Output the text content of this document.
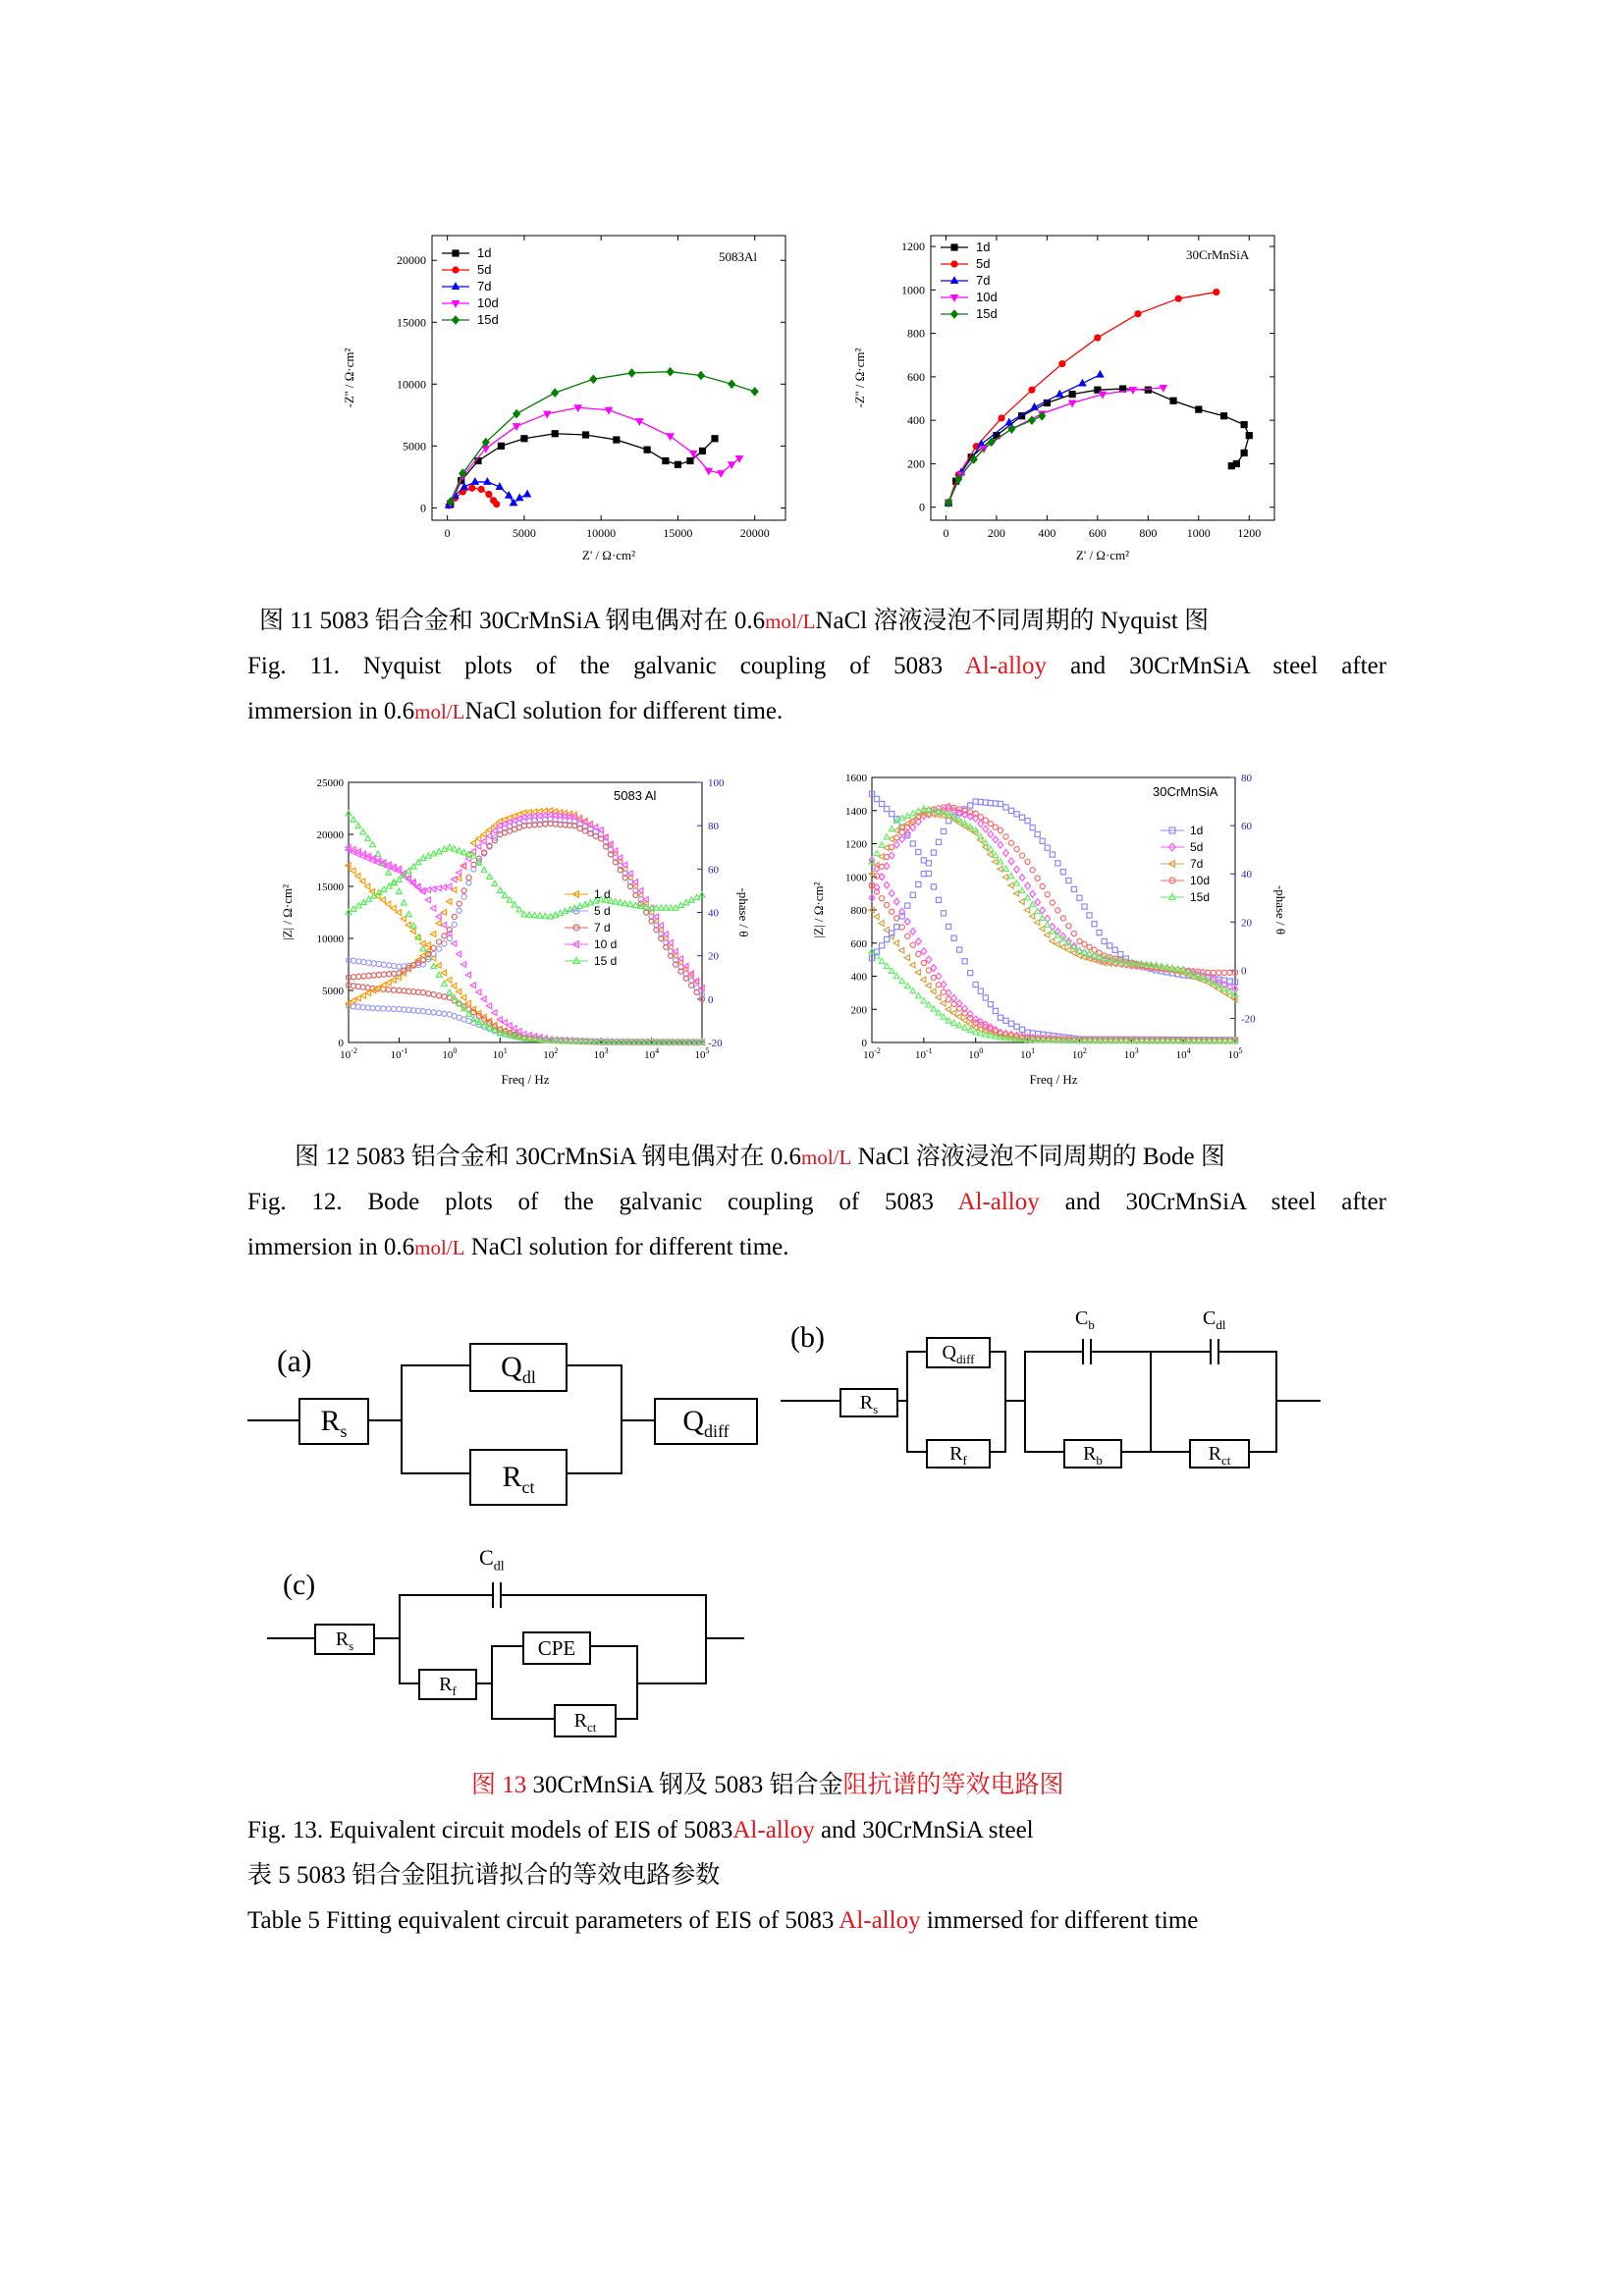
0	5000	10000	15000	20000
0
5000
10000
15000
20000
Z' / Ω·cm²
-Z'' / Ω·cm²
5083Al
1d
5d
7d
10d
15d
0	200	400	600	800	1000 1200
0
200
400
600
800
1000
1200
Z' / Ω·cm²
-Z'' / Ω·cm²
30CrMnSiA
1d
5d
7d
10d
15d
图 11 5083 铝合金和 30CrMnSiA 钢电偶对在 0.6mol/LNaCl 溶液浸泡不同周期的 Nyquist 图
Fig. 11. Nyquist plots of the galvanic coupling of 5083 Al-alloy and 30CrMnSiA steel after
immersion in 0.6mol/LNaCl solution for different time.
$10^{-2}$	$10^{-1}$	$10^0$	$10^1$	$10^2$	$10^3$	$10^4$	$10^5$
0
5000
10000
15000
20000
25000
-20
0
20
40
60
80
100
Freq / Hz
|Z| / Ω·cm²	-phase / θ
5083 Al
1 d
5 d
7 d
10 d
15 d
$10^{-2}$	$10^{-1}$	$10^0$	$10^1$	$10^2$	$10^3$	$10^4$	$10^5$
0
200
400
600
800
1000
1200
1400
1600
-20
0
20
40
60
80
Freq / Hz
|Z| / Ω·cm²	-phase / θ
30CrMnSiA
1d
5d
7d
10d
15d
图 12 5083 铝合金和 30CrMnSiA 钢电偶对在 0.6mol/L NaCl 溶液浸泡不同周期的 Bode 图
Fig. 12. Bode plots of the galvanic coupling of 5083 Al-alloy and 30CrMnSiA steel after
immersion in 0.6mol/L NaCl solution for different time.
(a)
$R_s$
$Q_{dl}$
$R_{ct}$
$Q_{diff}$
(b)
$R_s$
$Q_{diff}$
$R_f$
$C_b$
$R_b$
$C_{dl}$
$R_{ct}$
(c)
$C_{dl}$
$R_s$
$R_f$
CPE
$R_{ct}$
图 13 30CrMnSiA 钢及 5083 铝合金阻抗谱的等效电路图
Fig. 13. Equivalent circuit models of EIS of 5083Al-alloy and 30CrMnSiA steel
表 5 5083 铝合金阻抗谱拟合的等效电路参数
Table 5 Fitting equivalent circuit parameters of EIS of 5083 Al-alloy immersed for different time
